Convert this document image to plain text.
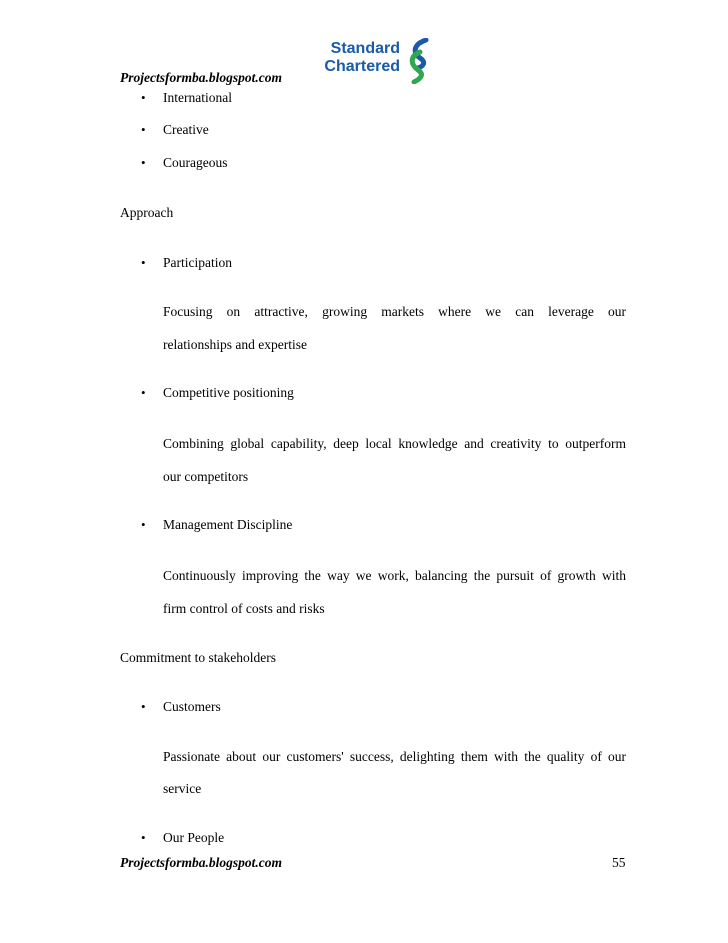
Projectsformba.blogspot.com
Standard
Chartered
• International
• Creative
• Courageous
Approach
• Participation
Focusing on attractive, growing markets where we can leverage our
relationships and expertise
• Competitive positioning
Combining global capability, deep local knowledge and creativity to outperform
our competitors
• Management Discipline
Continuously improving the way we work, balancing the pursuit of growth with
firm control of costs and risks
Commitment to stakeholders
• Customers
Passionate about our customers' success, delighting them with the quality of our
service
• Our People
Projectsformba.blogspot.com	55
